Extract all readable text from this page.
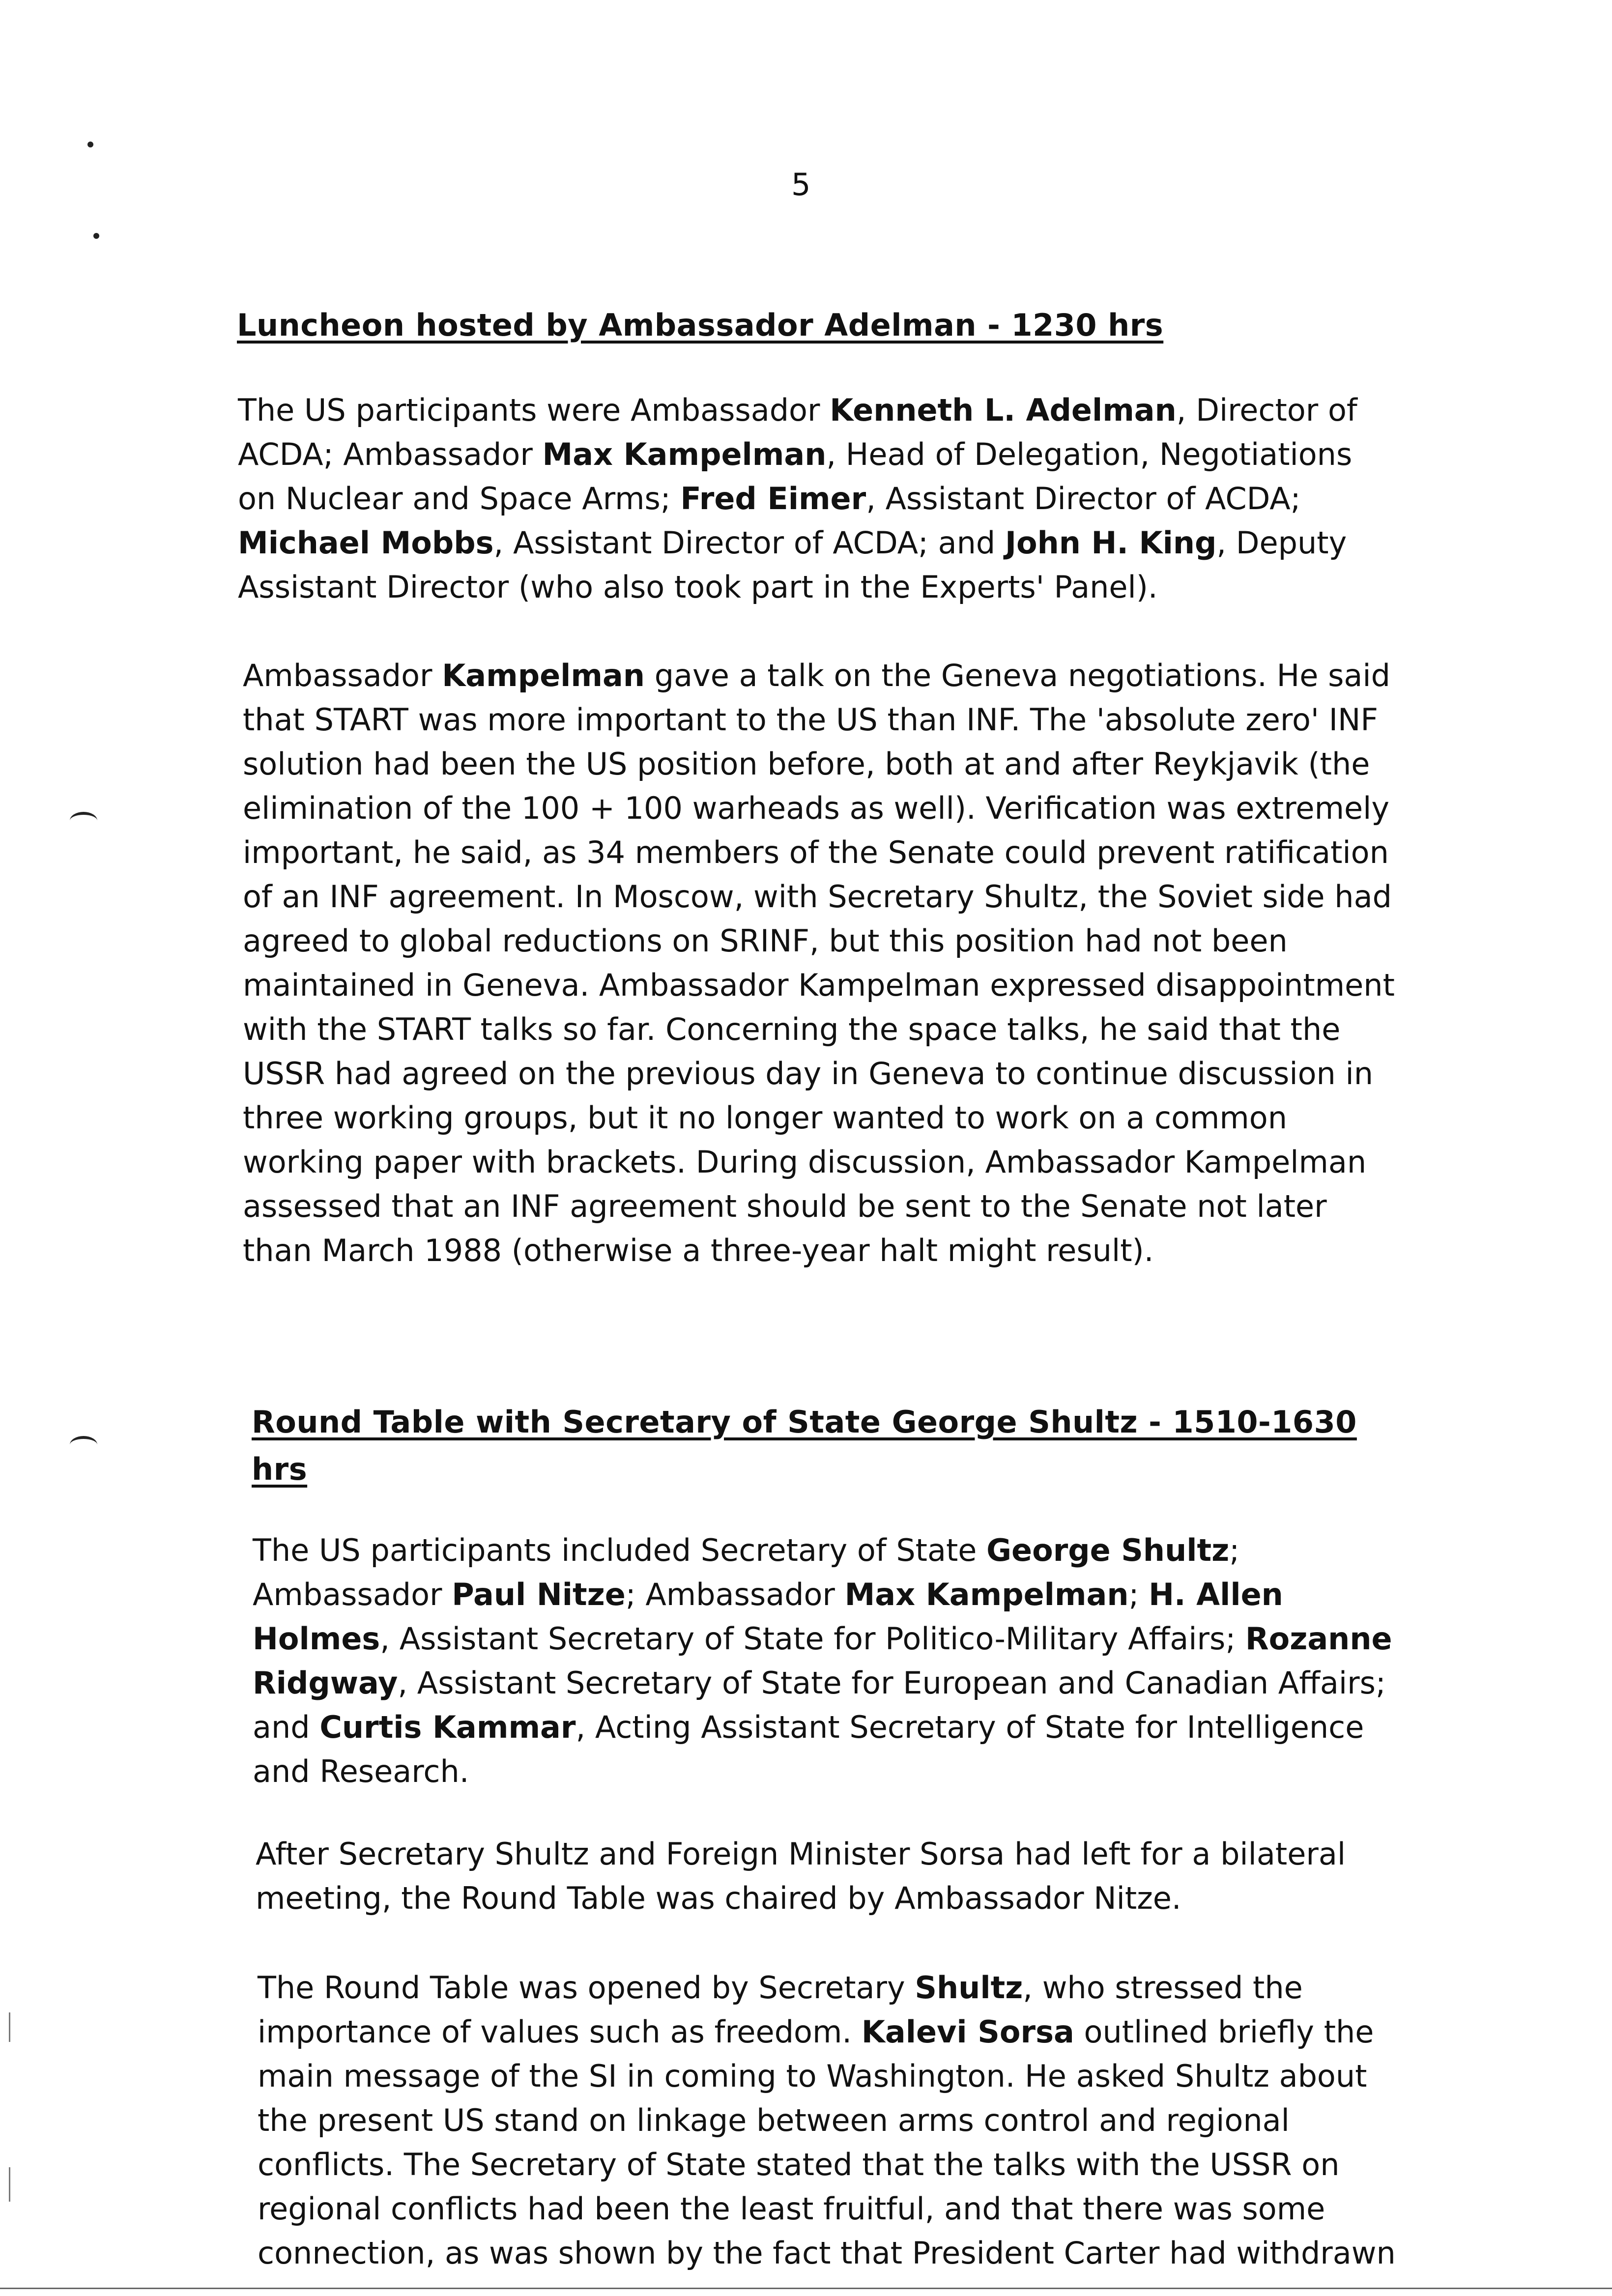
5
Luncheon hosted by Ambassador Adelman - 1230 hrs

The US participants were Ambassador Kenneth L. Adelman, Director of ACDA; Ambassador Max Kampelman, Head of Delegation, Negotiations on Nuclear and Space Arms; Fred Eimer, Assistant Director of ACDA; Michael Mobbs, Assistant Director of ACDA; and John H. King, Deputy Assistant Director (who also took part in the Experts' Panel).

Ambassador Kampelman gave a talk on the Geneva negotiations. He said that START was more important to the US than INF. The 'absolute zero' INF solution had been the US position before, both at and after Reykjavik (the elimination of the 100 + 100 warheads as well). Verification was extremely important, he said, as 34 members of the Senate could prevent ratification of an INF agreement. In Moscow, with Secretary Shultz, the Soviet side had agreed to global reductions on SRINF, but this position had not been maintained in Geneva. Ambassador Kampelman expressed disappointment with the START talks so far. Concerning the space talks, he said that the USSR had agreed on the previous day in Geneva to continue discussion in three working groups, but it no longer wanted to work on a common working paper with brackets. During discussion, Ambassador Kampelman assessed that an INF agreement should be sent to the Senate not later than March 1988 (otherwise a three-year halt might result).

Round Table with Secretary of State George Shultz - 1510-1630 hrs

The US participants included Secretary of State George Shultz; Ambassador Paul Nitze; Ambassador Max Kampelman; H. Allen Holmes, Assistant Secretary of State for Politico-Military Affairs; Rozanne Ridgway, Assistant Secretary of State for European and Canadian Affairs; and Curtis Kammar, Acting Assistant Secretary of State for Intelligence and Research.

After Secretary Shultz and Foreign Minister Sorsa had left for a bilateral meeting, the Round Table was chaired by Ambassador Nitze.

The Round Table was opened by Secretary Shultz, who stressed the importance of values such as freedom. Kalevi Sorsa outlined briefly the main message of the SI in coming to Washington. He asked Shultz about the present US stand on linkage between arms control and regional conflicts. The Secretary of State stated that the talks with the USSR on regional conflicts had been the least fruitful, and that there was some connection, as was shown by the fact that President Carter had withdrawn
